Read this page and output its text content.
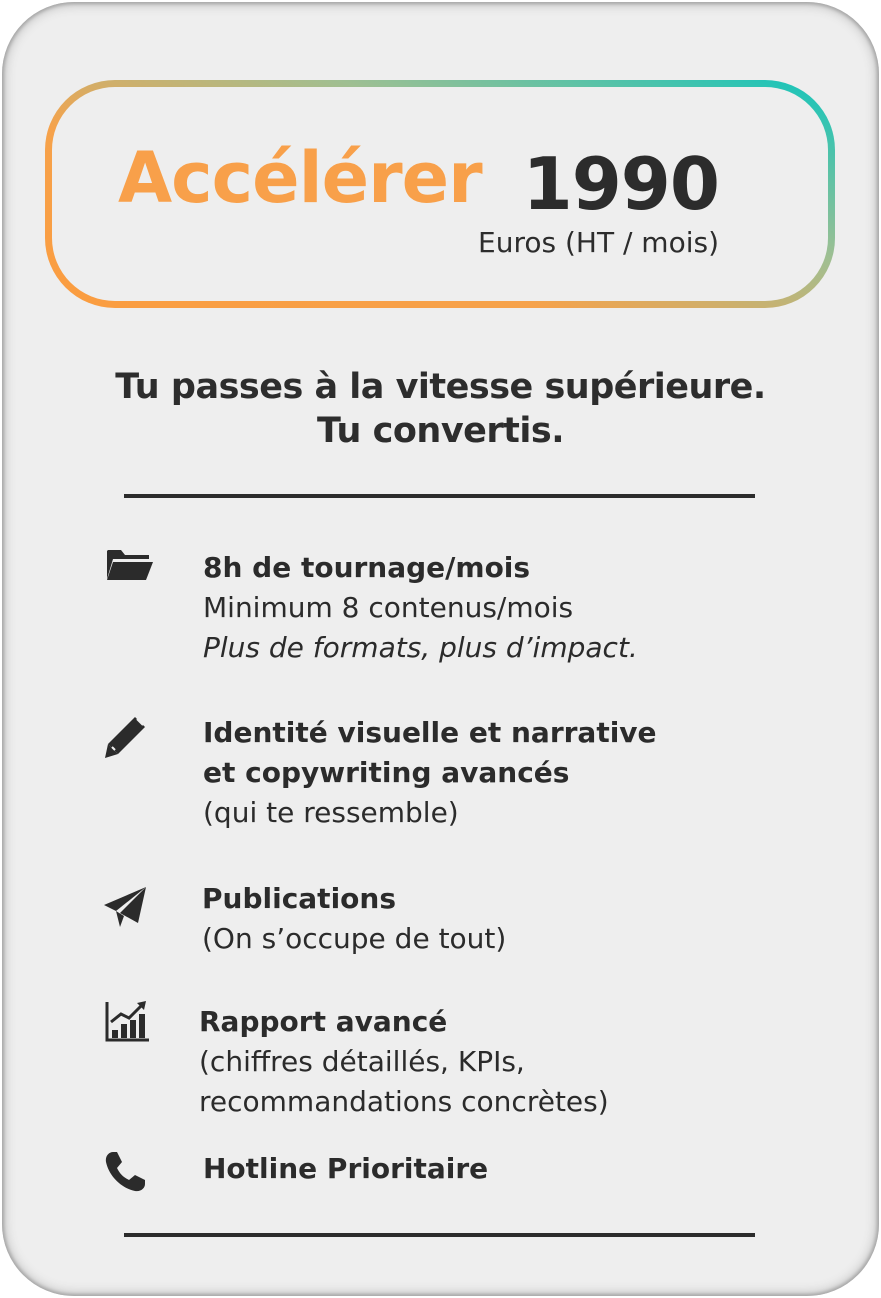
Accélérer 1990
Euros (HT / mois)
Tu passes à la vitesse supérieure.
Tu convertis.
8h de tournage/mois
Minimum 8 contenus/mois
Plus de formats, plus d’impact.
Identité visuelle et narrative
et copywriting avancés
(qui te ressemble)
Publications
(On s’occupe de tout)
Rapport avancé
(chiffres détaillés, KPIs,
recommandations concrètes)
Hotline Prioritaire
